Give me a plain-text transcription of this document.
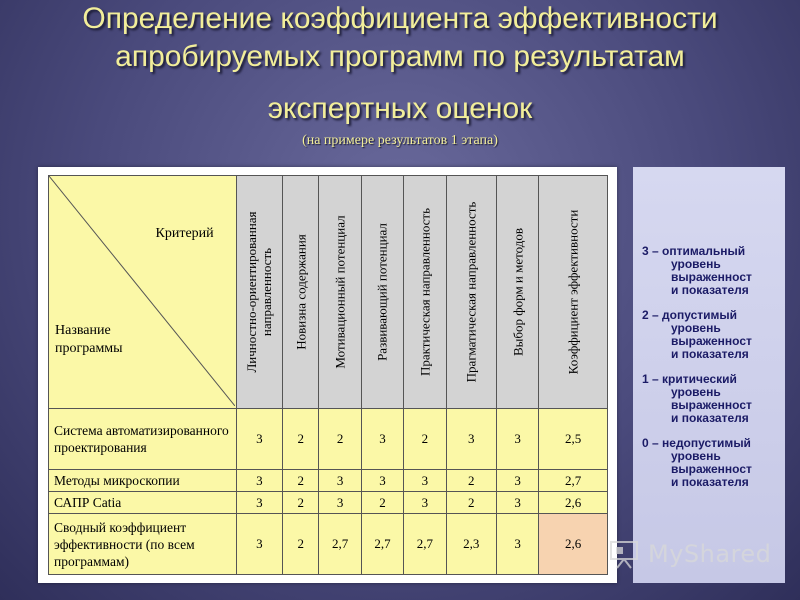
Определение коэффициента эффективности
апробируемых программ по результатам
экспертных оценок
(на примере результатов 1 этапа)
Критерий
Название
программы	Личностно-ориентированная направленность	Новизна содержания	Мотивационный потенциал	Развивающий потенциал	Практическая направленность	Прагматическая направленность	Выбор форм и методов	Коэффициент эффективности

Система автоматизированного проектирования	3	2	2	3	2	3	3	2,5
Методы микроскопии	3	2	3	3	3	2	3	2,7
САПР Catia	3	2	3	2	3	2	3	2,6
Сводный коэффициент эффективности (по всем программам)	3	2	2,7	2,7	2,7	2,3	3	2,6
3 – оптимальный
уровень
выраженност
и показателя
2 – допустимый
уровень
выраженност
и показателя
1 – критический
уровень
выраженност
и показателя
0 – недопустимый
уровень
выраженност
и показателя
MyShared
